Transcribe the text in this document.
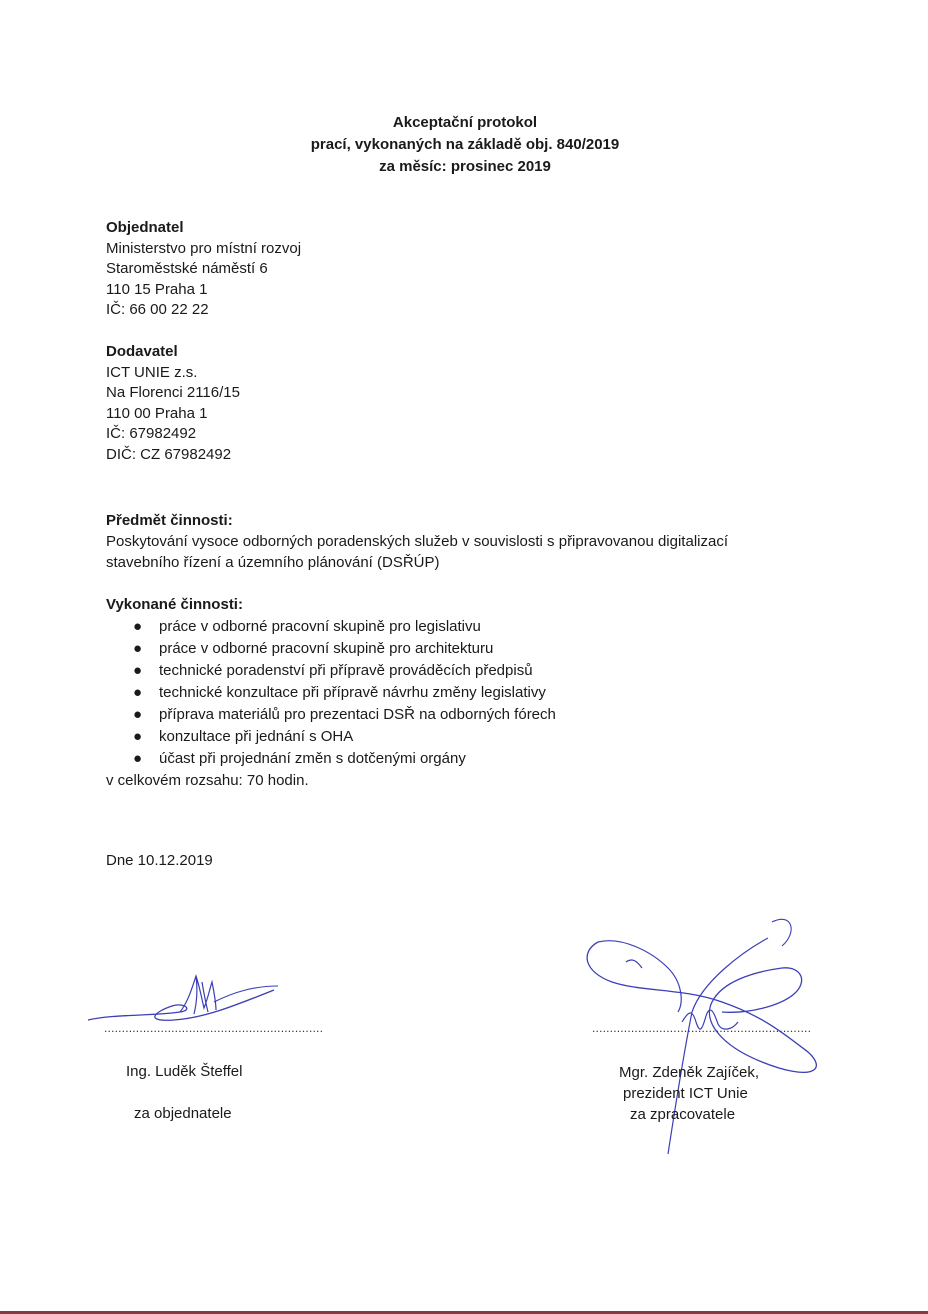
Akceptační protokol
prací, vykonaných na základě obj. 840/2019
za měsíc: prosinec 2019
Objednatel
Ministerstvo pro místní rozvoj
Staroměstské náměstí 6
110 15 Praha 1
IČ: 66 00 22 22
Dodavatel
ICT UNIE z.s.
Na Florenci 2116/15
110 00 Praha 1
IČ: 67982492
DIČ: CZ 67982492
Předmět činnosti:
Poskytování vysoce odborných poradenských služeb v souvislosti s připravovanou digitalizací
stavebního řízení a územního plánování (DSŘÚP)
Vykonané činnosti:
● práce v odborné pracovní skupině pro legislativu
● práce v odborné pracovní skupině pro architekturu
● technické poradenství při přípravě prováděcích předpisů
● technické konzultace při přípravě návrhu změny legislativy
● příprava materiálů pro prezentaci DSŘ na odborných fórech
● konzultace při jednání s OHA
● účast při projednání změn s dotčenými orgány
v celkovém rozsahu: 70 hodin.
Dne 10.12.2019
..............................................................
Ing. Luděk Šteffel
za objednatele
..............................................................
Mgr. Zdeněk Zajíček,
prezident ICT Unie
za zpracovatele
